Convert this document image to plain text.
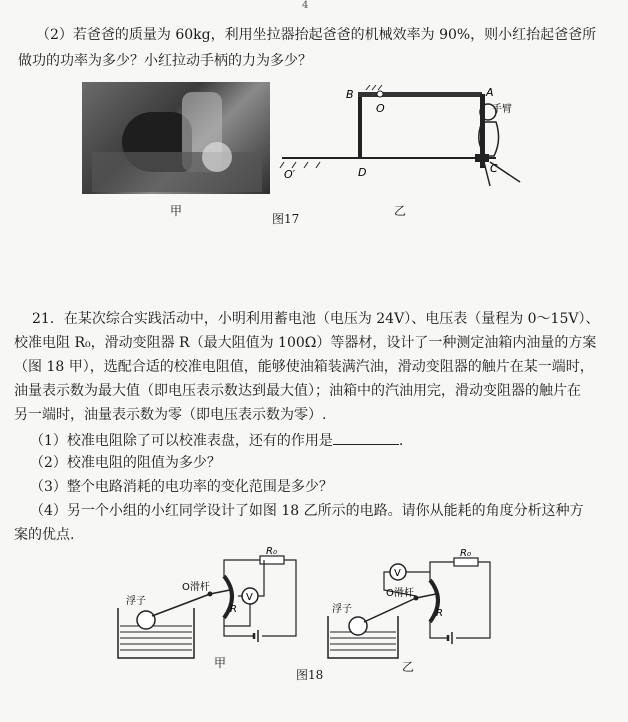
4
（2）若爸爸的质量为 60kg，利用坐拉器抬起爸爸的机械效率为 90%，则小红抬起爸爸所
做功的功率为多少？小红拉动手柄的力为多少？
甲
B
O
A
手臂
O′	D	C
乙
图17
21．在某次综合实践活动中，小明利用蓄电池（电压为 24V）、电压表（量程为 0～15V）、
校准电阻 R₀，滑动变阻器 R（最大阻值为 100Ω）等器材，设计了一种测定油箱内油量的方案
（图 18 甲），选配合适的校准电阻值，能够使油箱装满汽油，滑动变阻器的触片在某一端时，
油量表示数为最大值（即电压表示数达到最大值）；油箱中的汽油用完，滑动变阻器的触片在
另一端时，油量表示数为零（即电压表示数为零）.
（1）校准电阻除了可以校准表盘，还有的作用是	.
（2）校准电阻的阻值为多少？
（3）整个电路消耗的电功率的变化范围是多少？
（4）另一个小组的小红同学设计了如图 18 乙所示的电路。请你从能耗的角度分析这种方
案的优点.
V
浮子
O滑杆
R₀
R
甲
V
浮子
O滑杆
R₀
R
乙
图18
